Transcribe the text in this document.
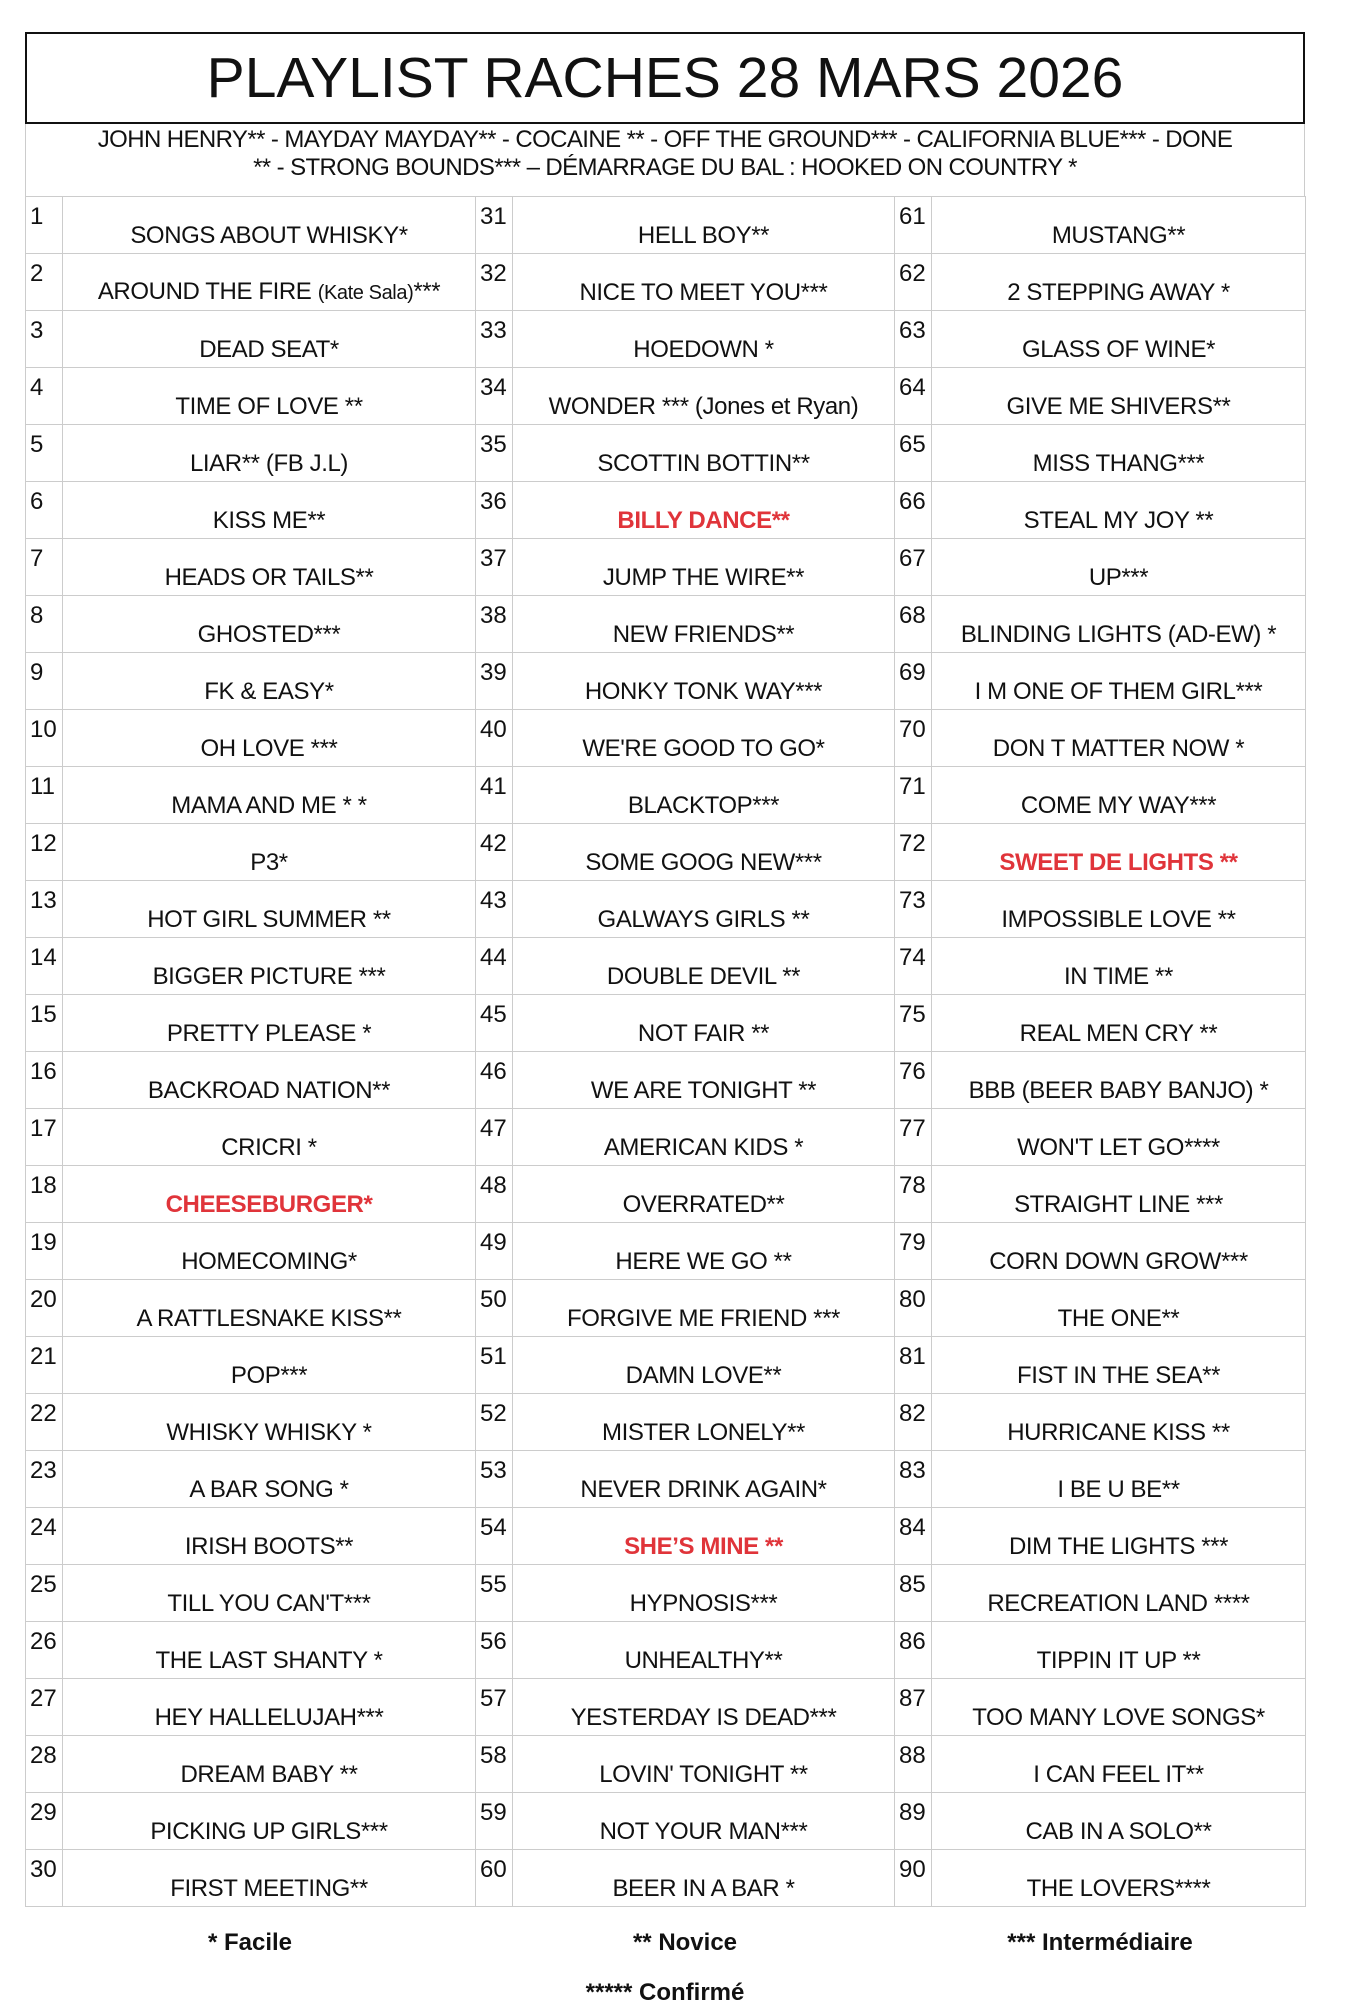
PLAYLIST RACHES 28 MARS 2026
JOHN HENRY** - MAYDAY MAYDAY** - COCAINE ** - OFF THE GROUND*** - CALIFORNIA BLUE*** - DONE
** - STRONG BOUNDS*** – DÉMARRAGE DU BAL : HOOKED ON COUNTRY *
1	SONGS ABOUT WHISKY*	31	HELL BOY**	61	MUSTANG**
2	AROUND THE FIRE (Kate Sala)***	32	NICE TO MEET YOU***	62	2 STEPPING AWAY *
3	DEAD SEAT*	33	HOEDOWN *	63	GLASS OF WINE*
4	TIME OF LOVE **	34	WONDER *** (Jones et Ryan)	64	GIVE ME SHIVERS**
5	LIAR** (FB J.L)	35	SCOTTIN BOTTIN**	65	MISS THANG***
6	KISS ME**	36	BILLY DANCE**	66	STEAL MY JOY **
7	HEADS OR TAILS**	37	JUMP THE WIRE**	67	UP***
8	GHOSTED***	38	NEW FRIENDS**	68	BLINDING LIGHTS (AD-EW) *
9	FK & EASY*	39	HONKY TONK WAY***	69	I M ONE OF THEM GIRL***
10	OH LOVE ***	40	WE'RE GOOD TO GO*	70	DON T MATTER NOW *
11	MAMA AND ME * *	41	BLACKTOP***	71	COME MY WAY***
12	P3*	42	SOME GOOG NEW***	72	SWEET DE LIGHTS **
13	HOT GIRL SUMMER **	43	GALWAYS GIRLS **	73	IMPOSSIBLE LOVE **
14	BIGGER PICTURE ***	44	DOUBLE DEVIL **	74	IN TIME **
15	PRETTY PLEASE *	45	NOT FAIR **	75	REAL MEN CRY **
16	BACKROAD NATION**	46	WE ARE TONIGHT **	76	BBB (BEER BABY BANJO) *
17	CRICRI *	47	AMERICAN KIDS *	77	WON'T LET GO****
18	CHEESEBURGER*	48	OVERRATED**	78	STRAIGHT LINE ***
19	HOMECOMING*	49	HERE WE GO **	79	CORN DOWN GROW***
20	A RATTLESNAKE KISS**	50	FORGIVE ME FRIEND ***	80	THE ONE**
21	POP***	51	DAMN LOVE**	81	FIST IN THE SEA**
22	WHISKY WHISKY *	52	MISTER LONELY**	82	HURRICANE KISS **
23	A BAR SONG *	53	NEVER DRINK AGAIN*	83	I BE U BE**
24	IRISH BOOTS**	54	SHE’S MINE **	84	DIM THE LIGHTS ***
25	TILL YOU CAN'T***	55	HYPNOSIS***	85	RECREATION LAND ****
26	THE LAST SHANTY *	56	UNHEALTHY**	86	TIPPIN IT UP **
27	HEY HALLELUJAH***	57	YESTERDAY IS DEAD***	87	TOO MANY LOVE SONGS*
28	DREAM BABY **	58	LOVIN' TONIGHT **	88	I CAN FEEL IT**
29	PICKING UP GIRLS***	59	NOT YOUR MAN***	89	CAB IN A SOLO**
30	FIRST MEETING**	60	BEER IN A BAR *	90	THE LOVERS****
* Facile	** Novice	*** Intermédiaire
***** Confirmé
